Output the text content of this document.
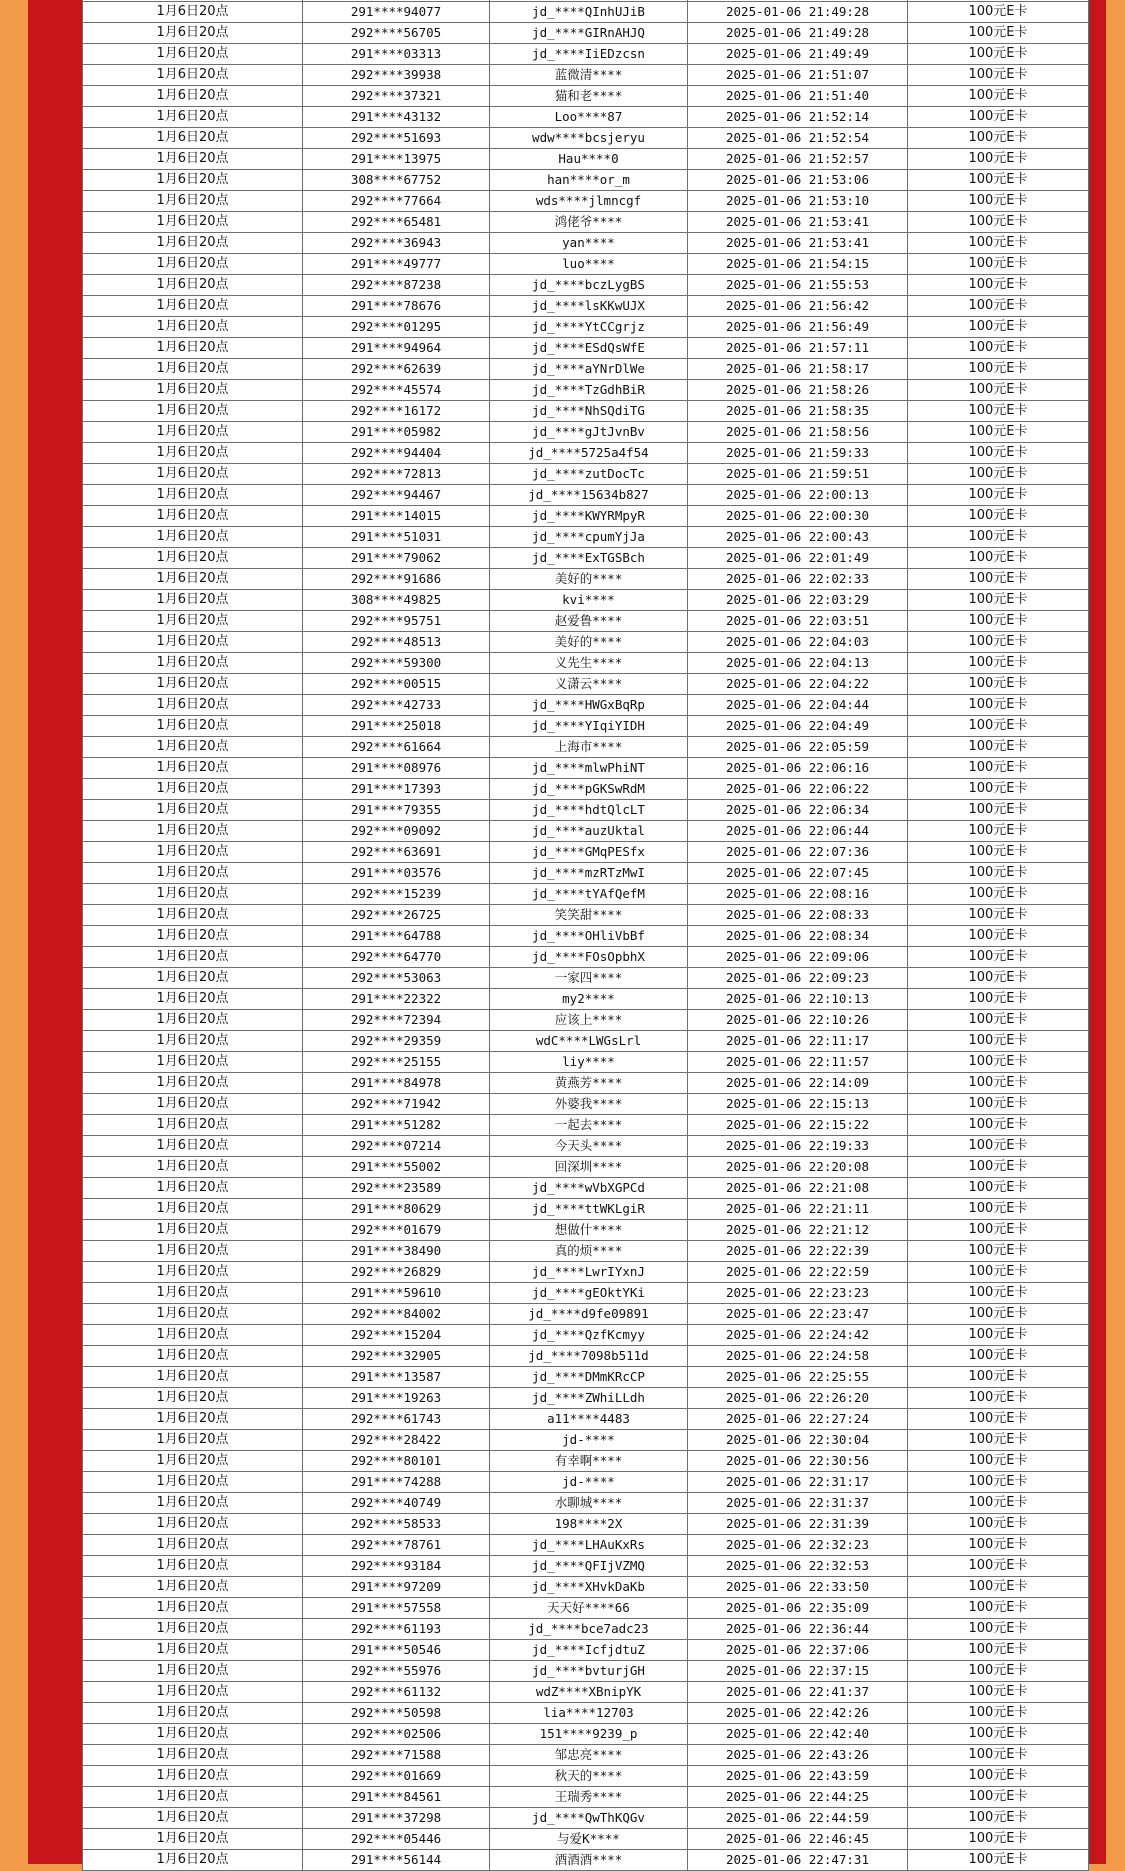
1月6日20点	291****94077	jd_****QInhUJiB	2025-01-06 21:49:28	100元E卡
1月6日20点	292****56705	jd_****GIRnAHJQ	2025-01-06 21:49:28	100元E卡
1月6日20点	291****03313	jd_****IiEDzcsn	2025-01-06 21:49:49	100元E卡
1月6日20点	292****39938	蓝微清****	2025-01-06 21:51:07	100元E卡
1月6日20点	292****37321	猫和老****	2025-01-06 21:51:40	100元E卡
1月6日20点	291****43132	Loo****87	2025-01-06 21:52:14	100元E卡
1月6日20点	292****51693	wdw****bcsjeryu	2025-01-06 21:52:54	100元E卡
1月6日20点	291****13975	Hau****0	2025-01-06 21:52:57	100元E卡
1月6日20点	308****67752	han****or_m	2025-01-06 21:53:06	100元E卡
1月6日20点	292****77664	wds****jlmncgf	2025-01-06 21:53:10	100元E卡
1月6日20点	292****65481	鸿佬爷****	2025-01-06 21:53:41	100元E卡
1月6日20点	292****36943	yan****	2025-01-06 21:53:41	100元E卡
1月6日20点	291****49777	luo****	2025-01-06 21:54:15	100元E卡
1月6日20点	292****87238	jd_****bczLygBS	2025-01-06 21:55:53	100元E卡
1月6日20点	291****78676	jd_****lsKKwUJX	2025-01-06 21:56:42	100元E卡
1月6日20点	292****01295	jd_****YtCCgrjz	2025-01-06 21:56:49	100元E卡
1月6日20点	291****94964	jd_****ESdQsWfE	2025-01-06 21:57:11	100元E卡
1月6日20点	292****62639	jd_****aYNrDlWe	2025-01-06 21:58:17	100元E卡
1月6日20点	292****45574	jd_****TzGdhBiR	2025-01-06 21:58:26	100元E卡
1月6日20点	292****16172	jd_****NhSQdiTG	2025-01-06 21:58:35	100元E卡
1月6日20点	291****05982	jd_****gJtJvnBv	2025-01-06 21:58:56	100元E卡
1月6日20点	292****94404	jd_****5725a4f54	2025-01-06 21:59:33	100元E卡
1月6日20点	292****72813	jd_****zutDocTc	2025-01-06 21:59:51	100元E卡
1月6日20点	292****94467	jd_****15634b827	2025-01-06 22:00:13	100元E卡
1月6日20点	291****14015	jd_****KWYRMpyR	2025-01-06 22:00:30	100元E卡
1月6日20点	291****51031	jd_****cpumYjJa	2025-01-06 22:00:43	100元E卡
1月6日20点	291****79062	jd_****ExTGSBch	2025-01-06 22:01:49	100元E卡
1月6日20点	292****91686	美好的****	2025-01-06 22:02:33	100元E卡
1月6日20点	308****49825	kvi****	2025-01-06 22:03:29	100元E卡
1月6日20点	292****95751	赵爱鲁****	2025-01-06 22:03:51	100元E卡
1月6日20点	292****48513	美好的****	2025-01-06 22:04:03	100元E卡
1月6日20点	292****59300	义先生****	2025-01-06 22:04:13	100元E卡
1月6日20点	292****00515	义潇云****	2025-01-06 22:04:22	100元E卡
1月6日20点	292****42733	jd_****HWGxBqRp	2025-01-06 22:04:44	100元E卡
1月6日20点	291****25018	jd_****YIqiYIDH	2025-01-06 22:04:49	100元E卡
1月6日20点	292****61664	上海市****	2025-01-06 22:05:59	100元E卡
1月6日20点	291****08976	jd_****mlwPhiNT	2025-01-06 22:06:16	100元E卡
1月6日20点	291****17393	jd_****pGKSwRdM	2025-01-06 22:06:22	100元E卡
1月6日20点	291****79355	jd_****hdtQlcLT	2025-01-06 22:06:34	100元E卡
1月6日20点	292****09092	jd_****auzUktal	2025-01-06 22:06:44	100元E卡
1月6日20点	292****63691	jd_****GMqPESfx	2025-01-06 22:07:36	100元E卡
1月6日20点	291****03576	jd_****mzRTzMwI	2025-01-06 22:07:45	100元E卡
1月6日20点	292****15239	jd_****tYAfQefM	2025-01-06 22:08:16	100元E卡
1月6日20点	292****26725	笑笑甜****	2025-01-06 22:08:33	100元E卡
1月6日20点	291****64788	jd_****OHliVbBf	2025-01-06 22:08:34	100元E卡
1月6日20点	292****64770	jd_****FOsOpbhX	2025-01-06 22:09:06	100元E卡
1月6日20点	292****53063	一家四****	2025-01-06 22:09:23	100元E卡
1月6日20点	291****22322	my2****	2025-01-06 22:10:13	100元E卡
1月6日20点	292****72394	应该上****	2025-01-06 22:10:26	100元E卡
1月6日20点	292****29359	wdC****LWGsLrl	2025-01-06 22:11:17	100元E卡
1月6日20点	292****25155	liy****	2025-01-06 22:11:57	100元E卡
1月6日20点	291****84978	黄燕芳****	2025-01-06 22:14:09	100元E卡
1月6日20点	292****71942	外婆我****	2025-01-06 22:15:13	100元E卡
1月6日20点	291****51282	一起去****	2025-01-06 22:15:22	100元E卡
1月6日20点	292****07214	今天头****	2025-01-06 22:19:33	100元E卡
1月6日20点	291****55002	回深圳****	2025-01-06 22:20:08	100元E卡
1月6日20点	292****23589	jd_****wVbXGPCd	2025-01-06 22:21:08	100元E卡
1月6日20点	291****80629	jd_****ttWKLgiR	2025-01-06 22:21:11	100元E卡
1月6日20点	292****01679	想做什****	2025-01-06 22:21:12	100元E卡
1月6日20点	291****38490	真的烦****	2025-01-06 22:22:39	100元E卡
1月6日20点	292****26829	jd_****LwrIYxnJ	2025-01-06 22:22:59	100元E卡
1月6日20点	291****59610	jd_****gEOktYKi	2025-01-06 22:23:23	100元E卡
1月6日20点	292****84002	jd_****d9fe09891	2025-01-06 22:23:47	100元E卡
1月6日20点	292****15204	jd_****QzfKcmyy	2025-01-06 22:24:42	100元E卡
1月6日20点	292****32905	jd_****7098b511d	2025-01-06 22:24:58	100元E卡
1月6日20点	291****13587	jd_****DMmKRcCP	2025-01-06 22:25:55	100元E卡
1月6日20点	291****19263	jd_****ZWhiLLdh	2025-01-06 22:26:20	100元E卡
1月6日20点	292****61743	a11****4483	2025-01-06 22:27:24	100元E卡
1月6日20点	292****28422	jd-****	2025-01-06 22:30:04	100元E卡
1月6日20点	292****80101	有幸啊****	2025-01-06 22:30:56	100元E卡
1月6日20点	291****74288	jd-****	2025-01-06 22:31:17	100元E卡
1月6日20点	292****40749	水聊城****	2025-01-06 22:31:37	100元E卡
1月6日20点	292****58533	198****2X	2025-01-06 22:31:39	100元E卡
1月6日20点	292****78761	jd_****LHAuKxRs	2025-01-06 22:32:23	100元E卡
1月6日20点	292****93184	jd_****QFIjVZMQ	2025-01-06 22:32:53	100元E卡
1月6日20点	291****97209	jd_****XHvkDaKb	2025-01-06 22:33:50	100元E卡
1月6日20点	291****57558	天天好****66	2025-01-06 22:35:09	100元E卡
1月6日20点	292****61193	jd_****bce7adc23	2025-01-06 22:36:44	100元E卡
1月6日20点	291****50546	jd_****IcfjdtuZ	2025-01-06 22:37:06	100元E卡
1月6日20点	292****55976	jd_****bvturjGH	2025-01-06 22:37:15	100元E卡
1月6日20点	292****61132	wdZ****XBnipYK	2025-01-06 22:41:37	100元E卡
1月6日20点	292****50598	lia****12703	2025-01-06 22:42:26	100元E卡
1月6日20点	292****02506	151****9239_p	2025-01-06 22:42:40	100元E卡
1月6日20点	292****71588	邹忠亮****	2025-01-06 22:43:26	100元E卡
1月6日20点	292****01669	秋天的****	2025-01-06 22:43:59	100元E卡
1月6日20点	291****84561	王瑞秀****	2025-01-06 22:44:25	100元E卡
1月6日20点	291****37298	jd_****QwThKQGv	2025-01-06 22:44:59	100元E卡
1月6日20点	292****05446	与爱K****	2025-01-06 22:46:45	100元E卡
1月6日20点	291****56144	酒酒酒****	2025-01-06 22:47:31	100元E卡
